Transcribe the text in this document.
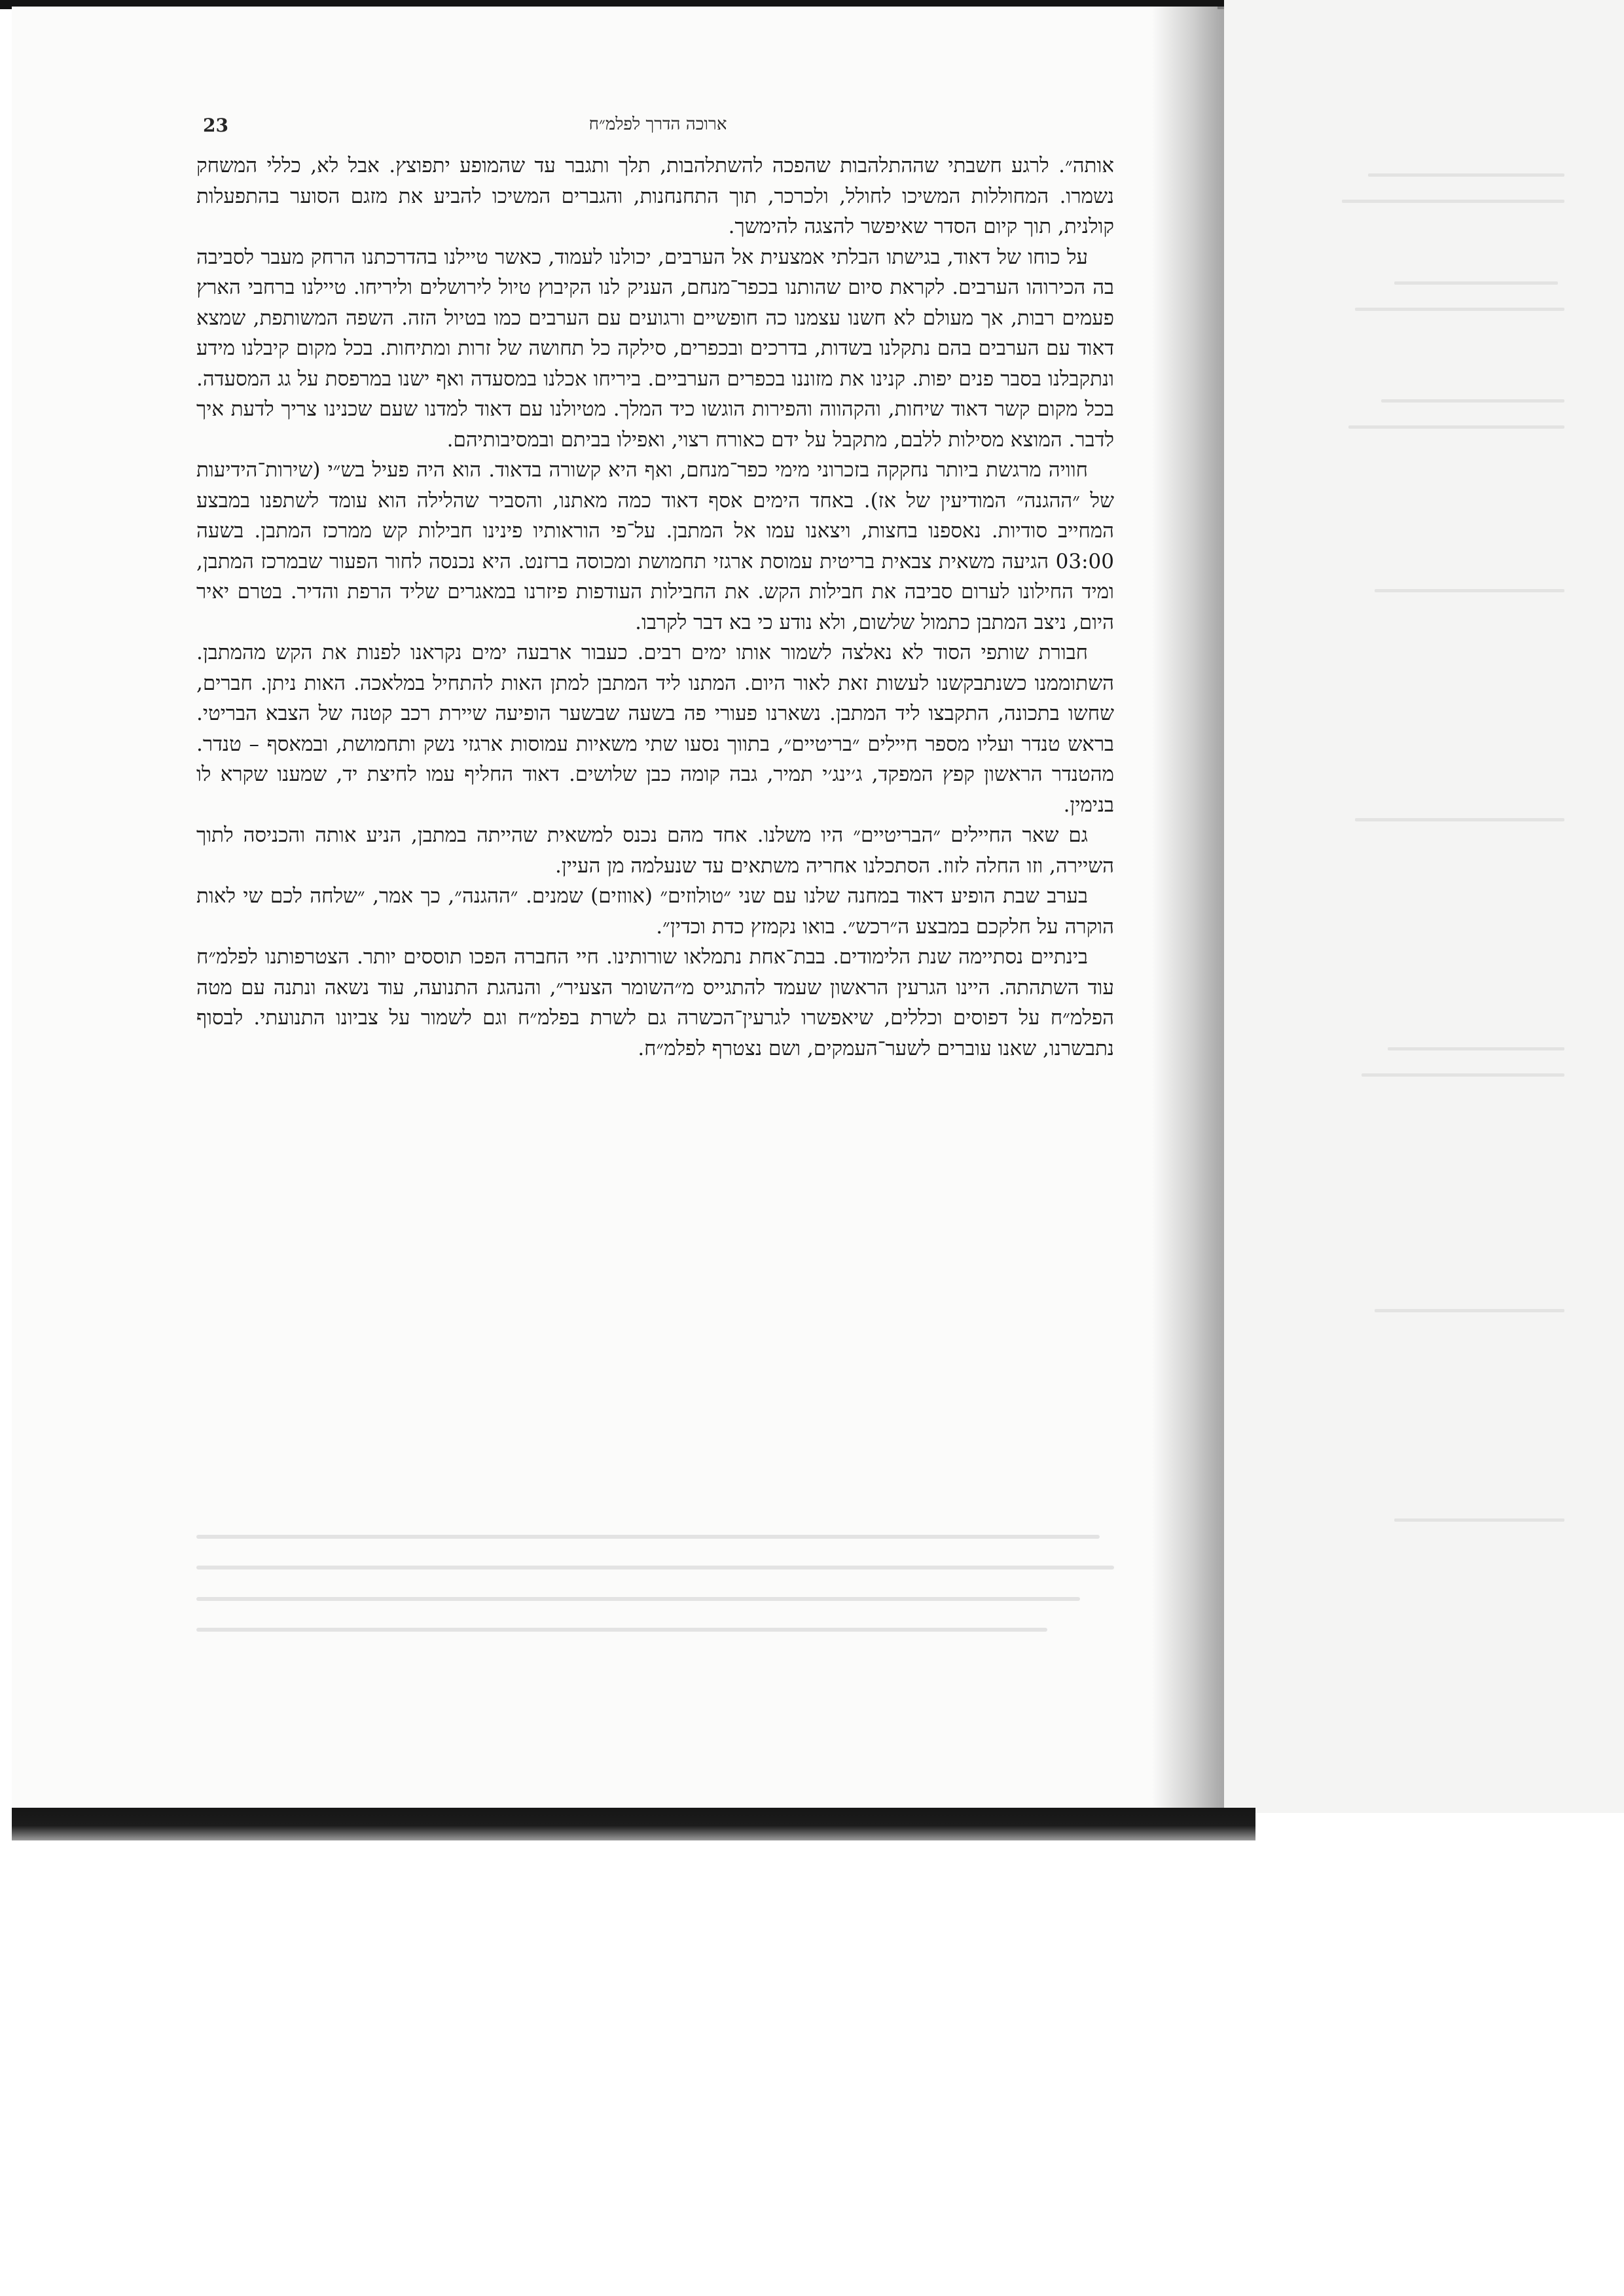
23	ארוכה הדרך לפלמ״ח

אותה״. לרגע חשבתי שההתלהבות שהפכה להשתלהבות, תלך ותגבר עד שהמופע יתפוצץ. אבל לא, כללי המשחק נשמרו. המחוללות המשיכו לחולל, ולכרכר, תוך התחנחנות, והגברים המשיכו להביע את מזגם הסוער בהתפעלות קולנית, תוך קיום הסדר שאיפשר להצגה להימשך.

על כוחו של דאוד, בגישתו הבלתי אמצעית אל הערבים, יכולנו לעמוד, כאשר טיילנו בהדרכתנו הרחק מעבר לסביבה בה הכירוהו הערבים. לקראת סיום שהותנו בכפר־מנחם, העניק לנו הקיבוץ טיול לירושלים וליריחו. טיילנו ברחבי הארץ פעמים רבות, אך מעולם לא חשנו עצמנו כה חופשיים ורגועים עם הערבים כמו בטיול הזה. השפה המשותפת, שמצא דאוד עם הערבים בהם נתקלנו בשדות, בדרכים ובכפרים, סילקה כל תחושה של זרות ומתיחות. בכל מקום קיבלנו מידע ונתקבלנו בסבר פנים יפות. קנינו את מזוננו בכפרים הערביים. ביריחו אכלנו במסעדה ואף ישנו במרפסת על גג המסעדה. בכל מקום קשר דאוד שיחות, והקהווה והפירות הוגשו כיד המלך. מטיולנו עם דאוד למדנו שעם שכנינו צריך לדעת איך לדבר. המוצא מסילות ללבם, מתקבל על ידם כאורח רצוי, ואפילו בביתם ובמסיבותיהם.

חוויה מרגשת ביותר נחקקה בזכרוני מימי כפר־מנחם, ואף היא קשורה בדאוד. הוא היה פעיל בש״י (שירות־הידיעות של ״ההגנה״ המודיעין של אז). באחד הימים אסף דאוד כמה מאתנו, והסביר שהלילה הוא עומד לשתפנו במבצע המחייב סודיות. נאספנו בחצות, ויצאנו עמו אל המתבן. על־פי הוראותיו פינינו חבילות קש ממרכז המתבן. בשעה 03:00 הגיעה משאית צבאית בריטית עמוסת ארגזי תחמושת ומכוסה ברזנט. היא נכנסה לחור הפעור שבמרכז המתבן, ומיד החילונו לערום סביבה את חבילות הקש. את החבילות העודפות פיזרנו במאגרים שליד הרפת והדיר. בטרם יאיר היום, ניצב המתבן כתמול שלשום, ולא נודע כי בא דבר לקרבו.

חבורת שותפי הסוד לא נאלצה לשמור אותו ימים רבים. כעבור ארבעה ימים נקראנו לפנות את הקש מהמתבן. השתוממנו כשנתבקשנו לעשות זאת לאור היום. המתנו ליד המתבן למתן האות להתחיל במלאכה. האות ניתן. חברים, שחשו בתכונה, התקבצו ליד המתבן. נשארנו פעורי פה בשעה שבשער הופיעה שיירת רכב קטנה של הצבא הבריטי. בראש טנדר ועליו מספר חיילים ״בריטיים״, בתווך נסעו שתי משאיות עמוסות ארגזי נשק ותחמושת, ובמאסף – טנדר. מהטנדר הראשון קפץ המפקד, ג׳ינג׳י תמיר, גבה קומה כבן שלושים. דאוד החליף עמו לחיצת יד, שמענו שקרא לו בנימין.

גם שאר החיילים ״הבריטיים״ היו משלנו. אחד מהם נכנס למשאית שהייתה במתבן, הניע אותה והכניסה לתוך השיירה, וזו החלה לזוז. הסתכלנו אחריה משתאים עד שנעלמה מן העיין.

בערב שבת הופיע דאוד במחנה שלנו עם שני ״טולוזים״ (אווזים) שמנים. ״ההגנה״, כך אמר, ״שלחה לכם שי לאות הוקרה על חלקכם במבצע ה״רכש״. בואו נקמזץ כדת וכדין״.

בינתיים נסתיימה שנת הלימודים. בבת־אחת נתמלאו שורותינו. חיי החברה הפכו תוססים יותר. הצטרפותנו לפלמ״ח עוד השתהתה. היינו הגרעין הראשון שעמד להתגייס מ״השומר הצעיר״, והנהגת התנועה, עוד נשאה ונתנה עם מטה הפלמ״ח על דפוסים וכללים, שיאפשרו לגרעין־הכשרה גם לשרת בפלמ״ח וגם לשמור על צביונו התנועתי. לבסוף נתבשרנו, שאנו עוברים לשער־העמקים, ושם נצטרף לפלמ״ח.
